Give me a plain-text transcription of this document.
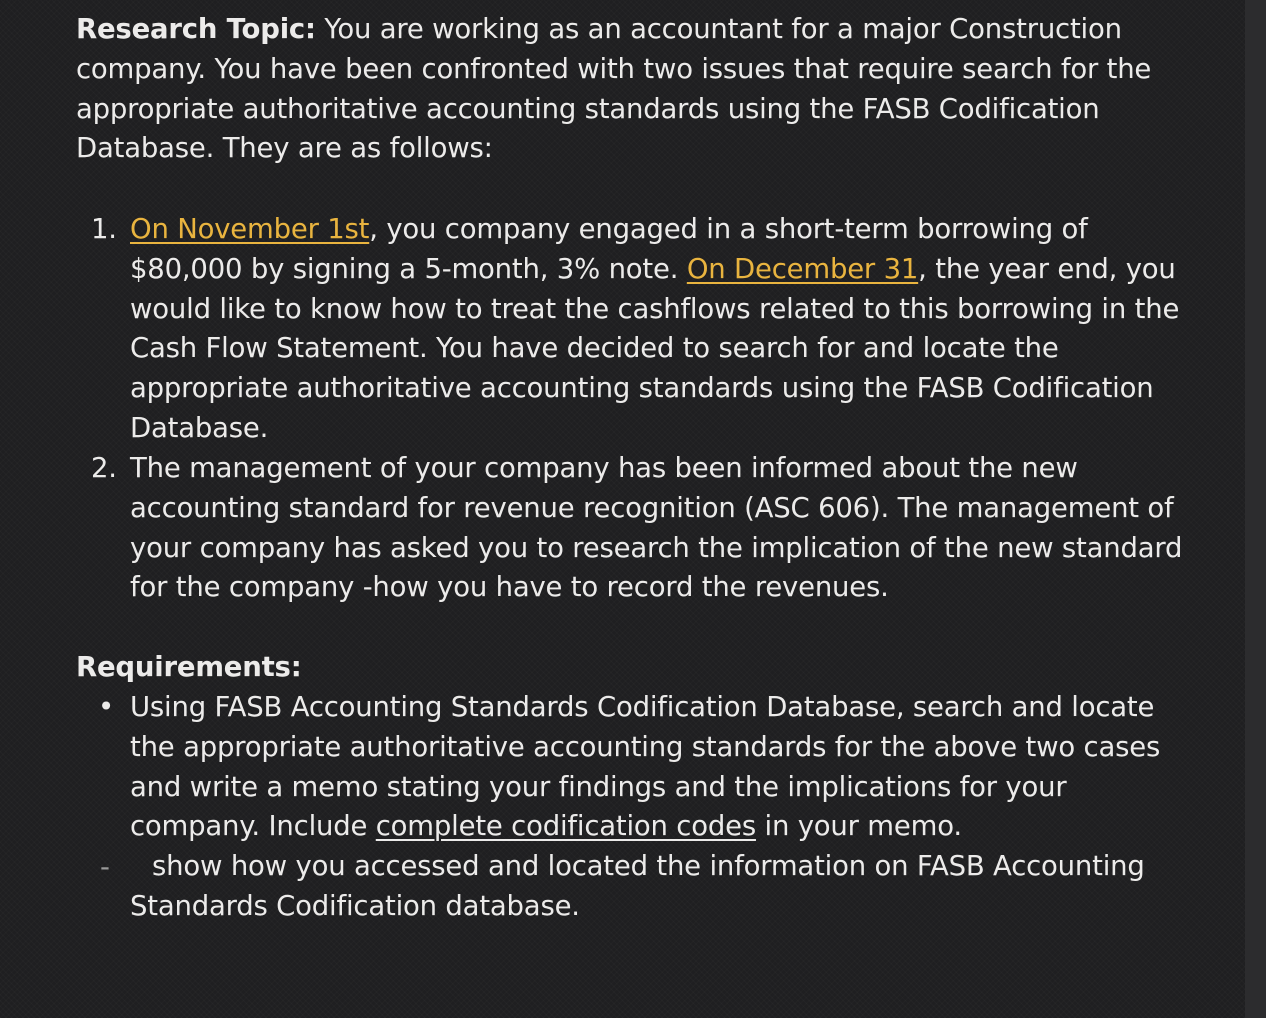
Research Topic: You are working as an accountant for a major Construction company. You have been confronted with two issues that require search for the appropriate authoritative accounting standards using the FASB Codification Database. They are as follows:

1. On November 1st, you company engaged in a short-term borrowing of $80,000 by signing a 5-month, 3% note. On December 31, the year end, you would like to know how to treat the cashflows related to this borrowing in the Cash Flow Statement. You have decided to search for and locate the appropriate authoritative accounting standards using the FASB Codification Database.
2. The management of your company has been informed about the new accounting standard for revenue recognition (ASC 606). The management of your company has asked you to research the implication of the new standard for the company -how you have to record the revenues.
Requirements:
•
-
Using FASB Accounting Standards Codification Database, search and locate the appropriate authoritative accounting standards for the above two cases and write a memo stating your findings and the implications for your company. Include complete codification codes in your memo.
show how you accessed and located the information on FASB Accounting Standards Codification database.
